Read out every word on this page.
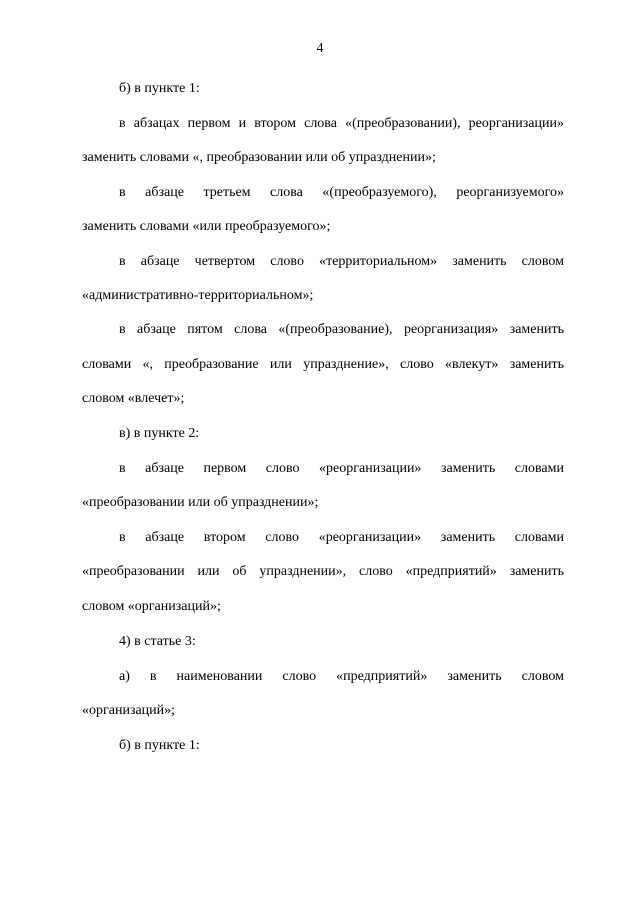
4

б) в пункте 1:

в абзацах первом и втором слова «(преобразовании), реорганизации»

заменить словами «, преобразовании или об упразднении»;

в абзаце третьем слова «(преобразуемого), реорганизуемого»

заменить словами «или преобразуемого»;

в абзаце четвертом слово «территориальном» заменить словом

«административно-территориальном»;

в абзаце пятом слова «(преобразование), реорганизация» заменить

словами «, преобразование или упразднение», слово «влекут» заменить

словом «влечет»;

в) в пункте 2:

в абзаце первом слово «реорганизации» заменить словами

«преобразовании или об упразднении»;

в абзаце втором слово «реорганизации» заменить словами

«преобразовании или об упразднении», слово «предприятий» заменить

словом «организаций»;

4) в статье 3:

а) в наименовании слово «предприятий» заменить словом

«организаций»;

б) в пункте 1:
